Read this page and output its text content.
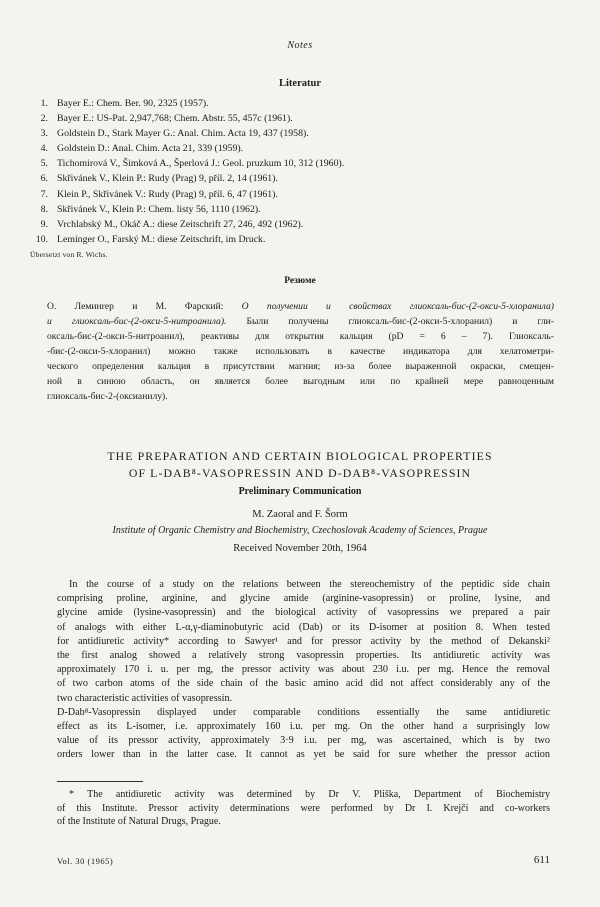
Notes
Literatur
1. Bayer E.: Chem. Ber. 90, 2325 (1957).
2. Bayer E.: US-Pat. 2,947,768; Chem. Abstr. 55, 457c (1961).
3. Goldstein D., Stark Mayer G.: Anal. Chim. Acta 19, 437 (1958).
4. Goldstein D.: Anal. Chim. Acta 21, 339 (1959).
5. Tichomirová V., Šimková A., Šperlová J.: Geol. pruzkum 10, 312 (1960).
6. Skřivánek V., Klein P.: Rudy (Prag) 9, příl. 2, 14 (1961).
7. Klein P., Skřivánek V.: Rudy (Prag) 9, příl. 6, 47 (1961).
8. Skřivánek V., Klein P.: Chem. listy 56, 1110 (1962).
9. Vrchlabský M., Okáč A.: diese Zeitschrift 27, 246, 492 (1962).
10. Leminger O., Farský M.: diese Zeitschrift, im Druck.
Übersetzt von R. Wichs.
Резюме
О. Леминrер и М. Фарский: О получении и свойствах глиоксаль-бис-(2-окси-5-хлоранила)
и глиоксаль-бис-(2-окси-5-нитроанила). Были получены глиоксаль-бис-(2-окси-5-хлоранил) и гли-
оксаль-бис-(2-окси-5-нитроанил), реактивы для открытия кальция (pD = 6 – 7). Глиоксаль-
-бис-(2-окси-5-хлоранил) можно также использовать в качестве индикатора для хелатометри-
ческого определения кальция в присутствии магния; из-за более выраженной окраски, смещен-
ной в синюю область, он является более выгодным или по крайней мере равноценным
глиоксаль-бис-2-(оксианилу).
THE PREPARATION AND CERTAIN BIOLOGICAL PROPERTIES
OF L-DAB⁸-VASOPRESSIN AND D-DAB⁸-VASOPRESSIN
Preliminary Communication
M. Zaoral and F. Šorm
Institute of Organic Chemistry and Biochemistry, Czechoslovak Academy of Sciences, Prague
Received November 20th, 1964
In the course of a study on the relations between the stereochemistry of the peptidic side chain
comprising proline, arginine, and glycine amide (arginine-vasopressin) or proline, lysine, and
glycine amide (lysine-vasopressin) and the biological activity of vasopressins we prepared a pair
of analogs with either L-α,γ-diaminobutyric acid (Dab) or its D-isomer at position 8. When tested
for antidiuretic activity* according to Sawyer¹ and for pressor activity by the method of Dekanski²
the first analog showed a relatively strong vasopressin properties. Its antidiuretic activity was
approximately 170 i. u. per mg, the pressor activity was about 230 i.u. per mg. Hence the removal
of two carbon atoms of the side chain of the basic amino acid did not affect considerably any of the
two characteristic activities of vasopressin.
D-Dab⁸-Vasopressin displayed under comparable conditions essentially the same antidiuretic
effect as its L-isomer, i.e. approximately 160 i.u. per mg. On the other hand a surprisingly low
value of its pressor activity, approximately 3·9 i.u. per mg, was ascertained, which is by two
orders lower than in the latter case. It cannot as yet be said for sure whether the pressor action
* The antidiuretic activity was determined by Dr V. Pliška, Department of Biochemistry
of this Institute. Pressor activity determinations were performed by Dr I. Krejčí and co-workers
of the Institute of Natural Drugs, Prague.
Vol. 30 (1965)	611
